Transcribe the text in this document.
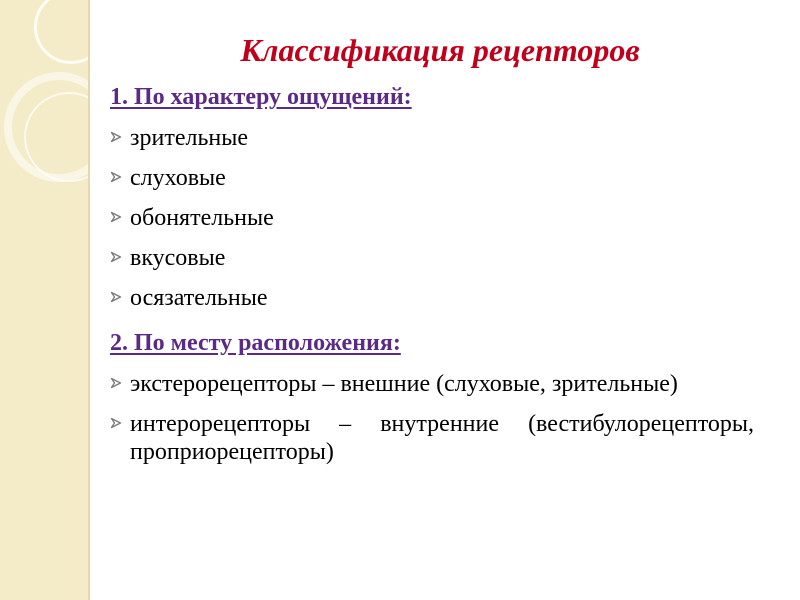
Классификация рецепторов
1. По характеру ощущений:
зрительные
слуховые
обонятельные
вкусовые
осязательные
2. По месту расположения:
экстерорецепторы – внешние (слуховые, зрительные)
интерорецепторы – внутренние (вестибулорецепторы, проприорецепторы)
